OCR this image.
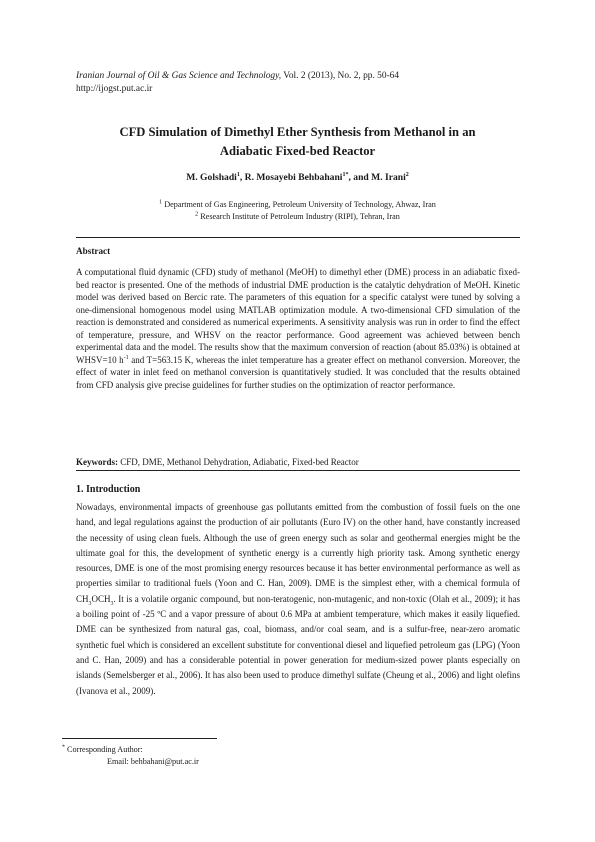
Iranian Journal of Oil & Gas Science and Technology, Vol. 2 (2013), No. 2, pp. 50-64
http://ijogst.put.ac.ir
CFD Simulation of Dimethyl Ether Synthesis from Methanol in an
Adiabatic Fixed-bed Reactor
M. Golshadi$^1$, R. Mosayebi Behbahani$^{1*}$, and M. Irani$^2$
$^1$ Department of Gas Engineering, Petroleum University of Technology, Ahwaz, Iran
$^2$ Research Institute of Petroleum Industry (RIPI), Tehran, Iran
Abstract
A computational fluid dynamic (CFD) study of methanol (MeOH) to dimethyl ether (DME) process in an adiabatic fixed-bed reactor is presented. One of the methods of industrial DME production is the catalytic dehydration of MeOH. Kinetic model was derived based on Bercic rate. The parameters of this equation for a specific catalyst were tuned by solving a one-dimensional homogenous model using MATLAB optimization module. A two-dimensional CFD simulation of the reaction is demonstrated and considered as numerical experiments. A sensitivity analysis was run in order to find the effect of temperature, pressure, and WHSV on the reactor performance. Good agreement was achieved between bench experimental data and the model. The results show that the maximum conversion of reaction (about 85.03%) is obtained at WHSV=10 $h^{-1}$ and T=563.15 K, whereas the inlet temperature has a greater effect on methanol conversion. Moreover, the effect of water in inlet feed on methanol conversion is quantitatively studied. It was concluded that the results obtained from CFD analysis give precise guidelines for further studies on the optimization of reactor performance.
Keywords: CFD, DME, Methanol Dehydration, Adiabatic, Fixed-bed Reactor
1. Introduction
Nowadays, environmental impacts of greenhouse gas pollutants emitted from the combustion of fossil fuels on the one hand, and legal regulations against the production of air pollutants (Euro IV) on the other hand, have constantly increased the necessity of using clean fuels. Although the use of green energy such as solar and geothermal energies might be the ultimate goal for this, the development of synthetic energy is a currently high priority task. Among synthetic energy resources, DME is one of the most promising energy resources because it has better environmental performance as well as properties similar to traditional fuels (Yoon and C. Han, 2009). DME is the simplest ether, with a chemical formula of $CH_3OCH_3$. It is a volatile organic compound, but non-teratogenic, non-mutagenic, and non-toxic (Olah et al., 2009); it has a boiling point of -25 ºC and a vapor pressure of about 0.6 MPa at ambient temperature, which makes it easily liquefied. DME can be synthesized from natural gas, coal, biomass, and/or coal seam, and is a sulfur-free, near-zero aromatic synthetic fuel which is considered an excellent substitute for conventional diesel and liquefied petroleum gas (LPG) (Yoon and C. Han, 2009) and has a considerable potential in power generation for medium-sized power plants especially on islands (Semelsberger et al., 2006). It has also been used to produce dimethyl sulfate (Cheung et al., 2006) and light olefins (Ivanova et al., 2009).
* Corresponding Author:
Email: behbahani@put.ac.ir
